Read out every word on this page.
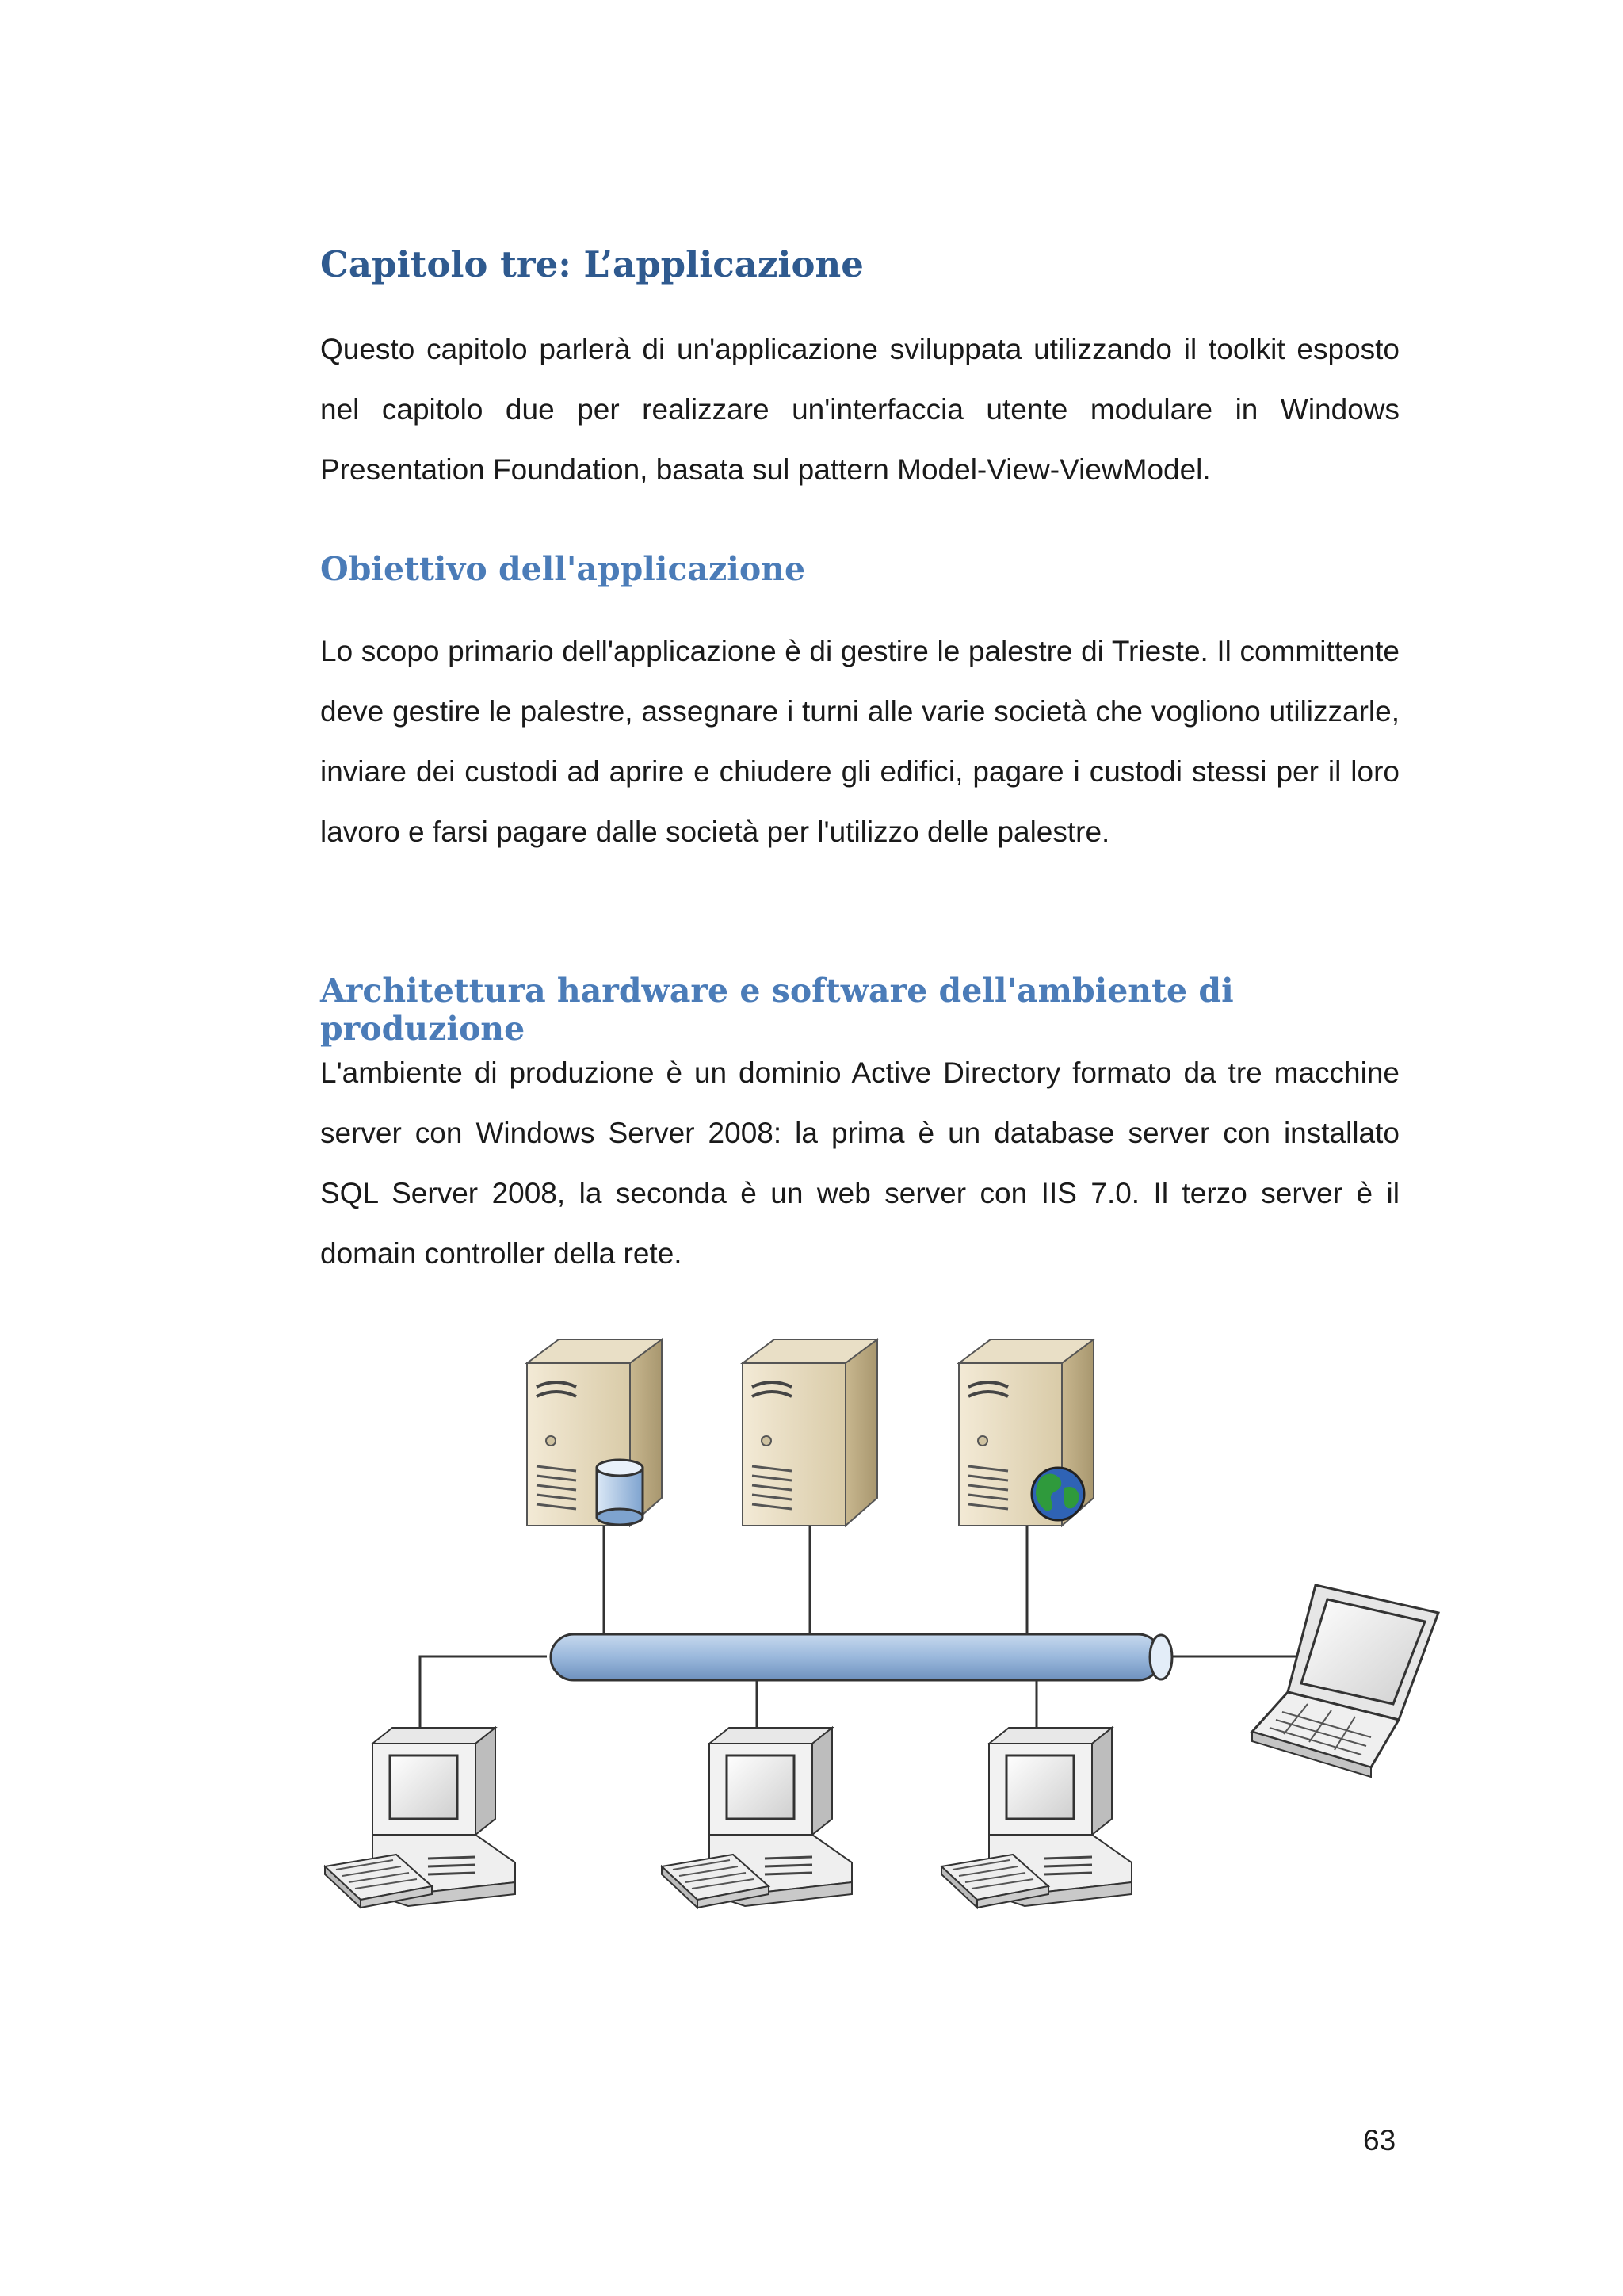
Capitolo tre: L’applicazione

Questo capitolo parlerà di un'applicazione sviluppata utilizzando il toolkit esposto nel capitolo due per realizzare un'interfaccia utente modulare in Windows Presentation Foundation, basata sul pattern Model-View-ViewModel.

Obiettivo dell'applicazione

Lo scopo primario dell'applicazione è di gestire le palestre di Trieste. Il committente deve gestire le palestre, assegnare i turni alle varie società che vogliono utilizzarle, inviare dei custodi ad aprire e chiudere gli edifici, pagare i custodi stessi per il loro lavoro e farsi pagare dalle società per l'utilizzo delle palestre.

Architettura hardware e software dell'ambiente di produzione

L'ambiente di produzione è un dominio Active Directory formato da tre macchine server con Windows Server 2008: la prima è un database server con installato SQL Server 2008, la seconda è un web server con IIS 7.0. Il terzo server è il domain controller della rete.

63
